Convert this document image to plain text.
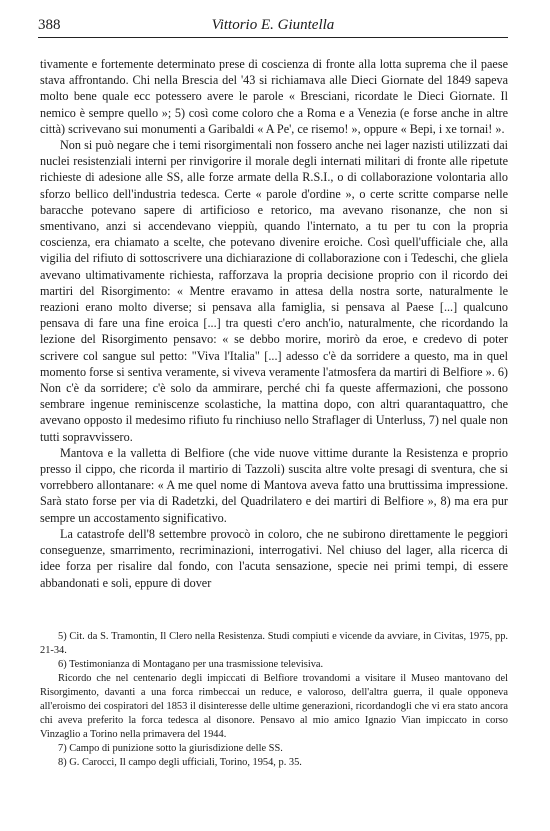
388	Vittorio E. Giuntella

tivamente e fortemente determinato prese di coscienza di fronte alla lotta suprema che il paese stava affrontando. Chi nella Brescia del '43 si richiamava alle Dieci Giornate del 1849 sapeva molto bene quale ecc potessero avere le parole « Bresciani, ricordate le Dieci Giornate. Il nemico è sempre quello »; 5) così come coloro che a Roma e a Venezia (e forse anche in altre città) scrivevano sui monumenti a Garibaldi « A Pe', ce risemo! », oppure « Bepi, i xe tornai! ».

Non si può negare che i temi risorgimentali non fossero anche nei lager nazisti utilizzati dai nuclei resistenziali interni per rinvigorire il morale degli internati militari di fronte alle ripetute richieste di adesione alle SS, alle forze armate della R.S.I., o di collaborazione volontaria allo sforzo bellico dell'industria tedesca. Certe « parole d'ordine », o certe scritte comparse nelle baracche potevano sapere di artificioso e retorico, ma avevano risonanze, che non si smentivano, anzi si accendevano vieppiù, quando l'internato, a tu per tu con la propria coscienza, era chiamato a scelte, che potevano divenire eroiche. Così quell'ufficiale che, alla vigilia del rifiuto di sottoscrivere una dichiarazione di collaborazione con i Tedeschi, che gliela avevano ultimativamente richiesta, rafforzava la propria decisione proprio con il ricordo dei martiri del Risorgimento: « Mentre eravamo in attesa della nostra sorte, naturalmente le reazioni erano molto diverse; si pensava alla famiglia, si pensava al Paese [...] qualcuno pensava di fare una fine eroica [...] tra questi c'ero anch'io, naturalmente, che ricordando la lezione del Risorgimento pensavo: « se debbo morire, morirò da eroe, e credevo di poter scrivere col sangue sul petto: "Viva l'Italia" [...] adesso c'è da sorridere a questo, ma in quel momento forse si sentiva veramente, si viveva veramente l'atmosfera da martiri di Belfiore ». 6) Non c'è da sorridere; c'è solo da ammirare, perché chi fa queste affermazioni, che possono sembrare ingenue reminiscenze scolastiche, la mattina dopo, con altri quarantaquattro, che avevano opposto il medesimo rifiuto fu rinchiuso nello Straflager di Unterluss, 7) nel quale non tutti sopravvissero.

Mantova e la valletta di Belfiore (che vide nuove vittime durante la Resistenza e proprio presso il cippo, che ricorda il martirio di Tazzoli) suscita altre volte presagi di sventura, che si vorrebbero allontanare: « A me quel nome di Mantova aveva fatto una bruttissima impressione. Sarà stato forse per via di Radetzki, del Quadrilatero e dei martiri di Belfiore », 8) ma era pur sempre un accostamento significativo.

La catastrofe dell'8 settembre provocò in coloro, che ne subirono direttamente le peggiori conseguenze, smarrimento, recriminazioni, interrogativi. Nel chiuso del lager, alla ricerca di idee forza per risalire dal fondo, con l'acuta sensazione, specie nei primi tempi, di essere abbandonati e soli, eppure di dover

5) Cit. da S. Tramontin, Il Clero nella Resistenza. Studi compiuti e vicende da avviare, in Civitas, 1975, pp. 21-34.

6) Testimonianza di Montagano per una trasmissione televisiva.

Ricordo che nel centenario degli impiccati di Belfiore trovandomi a visitare il Museo mantovano del Risorgimento, davanti a una forca rimbeccai un reduce, e valoroso, dell'altra guerra, il quale opponeva all'eroismo dei cospiratori del 1853 il disinteresse delle ultime generazioni, ricordandogli che vi era stato ancora chi aveva preferito la forca tedesca al disonore. Pensavo al mio amico Ignazio Vian impiccato in corso Vinzaglio a Torino nella primavera del 1944.

7) Campo di punizione sotto la giurisdizione delle SS.

8) G. Carocci, Il campo degli ufficiali, Torino, 1954, p. 35.
